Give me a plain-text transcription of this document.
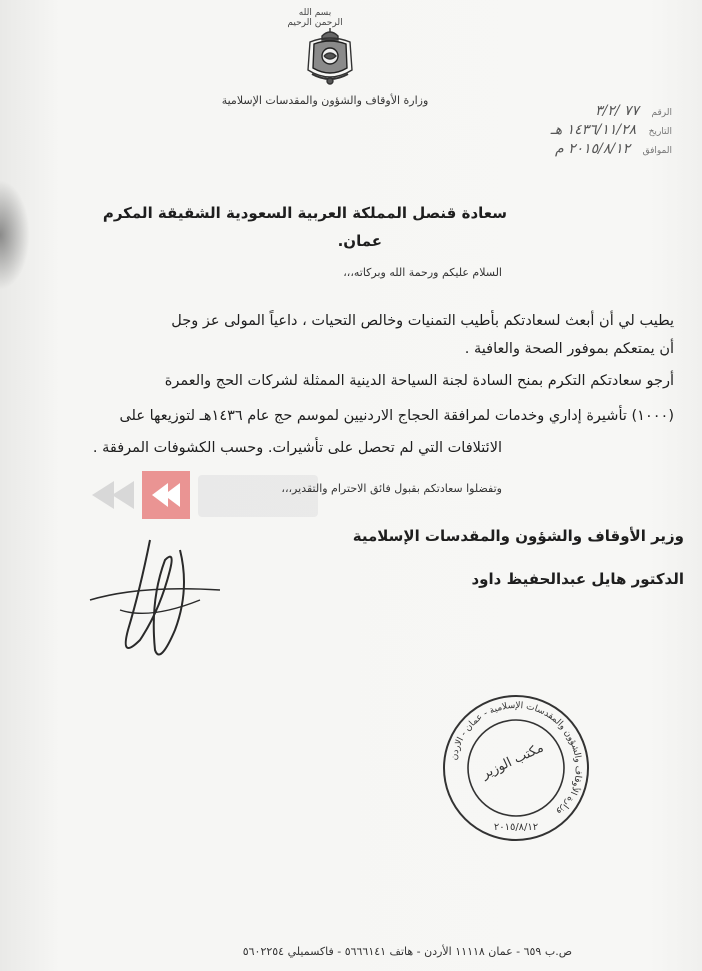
بسم الله الرحمن الرحيم
وزارة الأوقاف والشؤون والمقدسات الإسلامية
الرقم ٧٧ /٣/٢
التاريخ ١٤٣٦/١١/٢٨ هـ
الموافق ٢٠١٥/٨/١٢ م
سعادة قنصل المملكة العربية السعودية الشقيقة المكرم
عمان.
السلام عليكم ورحمة الله وبركاته،،،
يطيب لي أن أبعث لسعادتكم بأطيب التمنيات وخالص التحيات ، داعياً المولى عز وجل
أن يمتعكم بموفور الصحة والعافية .
أرجو سعادتكم التكرم بمنح السادة لجنة السياحة الدينية الممثلة لشركات الحج والعمرة
(١٠٠٠) تأشيرة إداري وخدمات لمرافقة الحجاج الاردنيين لموسم حج عام ١٤٣٦هـ لتوزيعها على
الائتلافات التي لم تحصل على تأشيرات. وحسب الكشوفات المرفقة .
وتفضلوا سعادتكم بقبول فائق الاحترام والتقدير،،،
وزير الأوقاف والشؤون والمقدسات الإسلامية
الدكتور هايل عبدالحفيظ داود
وزارة الأوقاف والشؤون والمقدسات الإسلامية - عمان - الاردن
مكتب الوزير
٢٠١٥/٨/١٢
ص.ب ٦٥٩ - عمان ١١١١٨ الأردن - هاتف ٥٦٦٦١٤١ - فاكسميلي ٥٦٠٢٢٥٤
